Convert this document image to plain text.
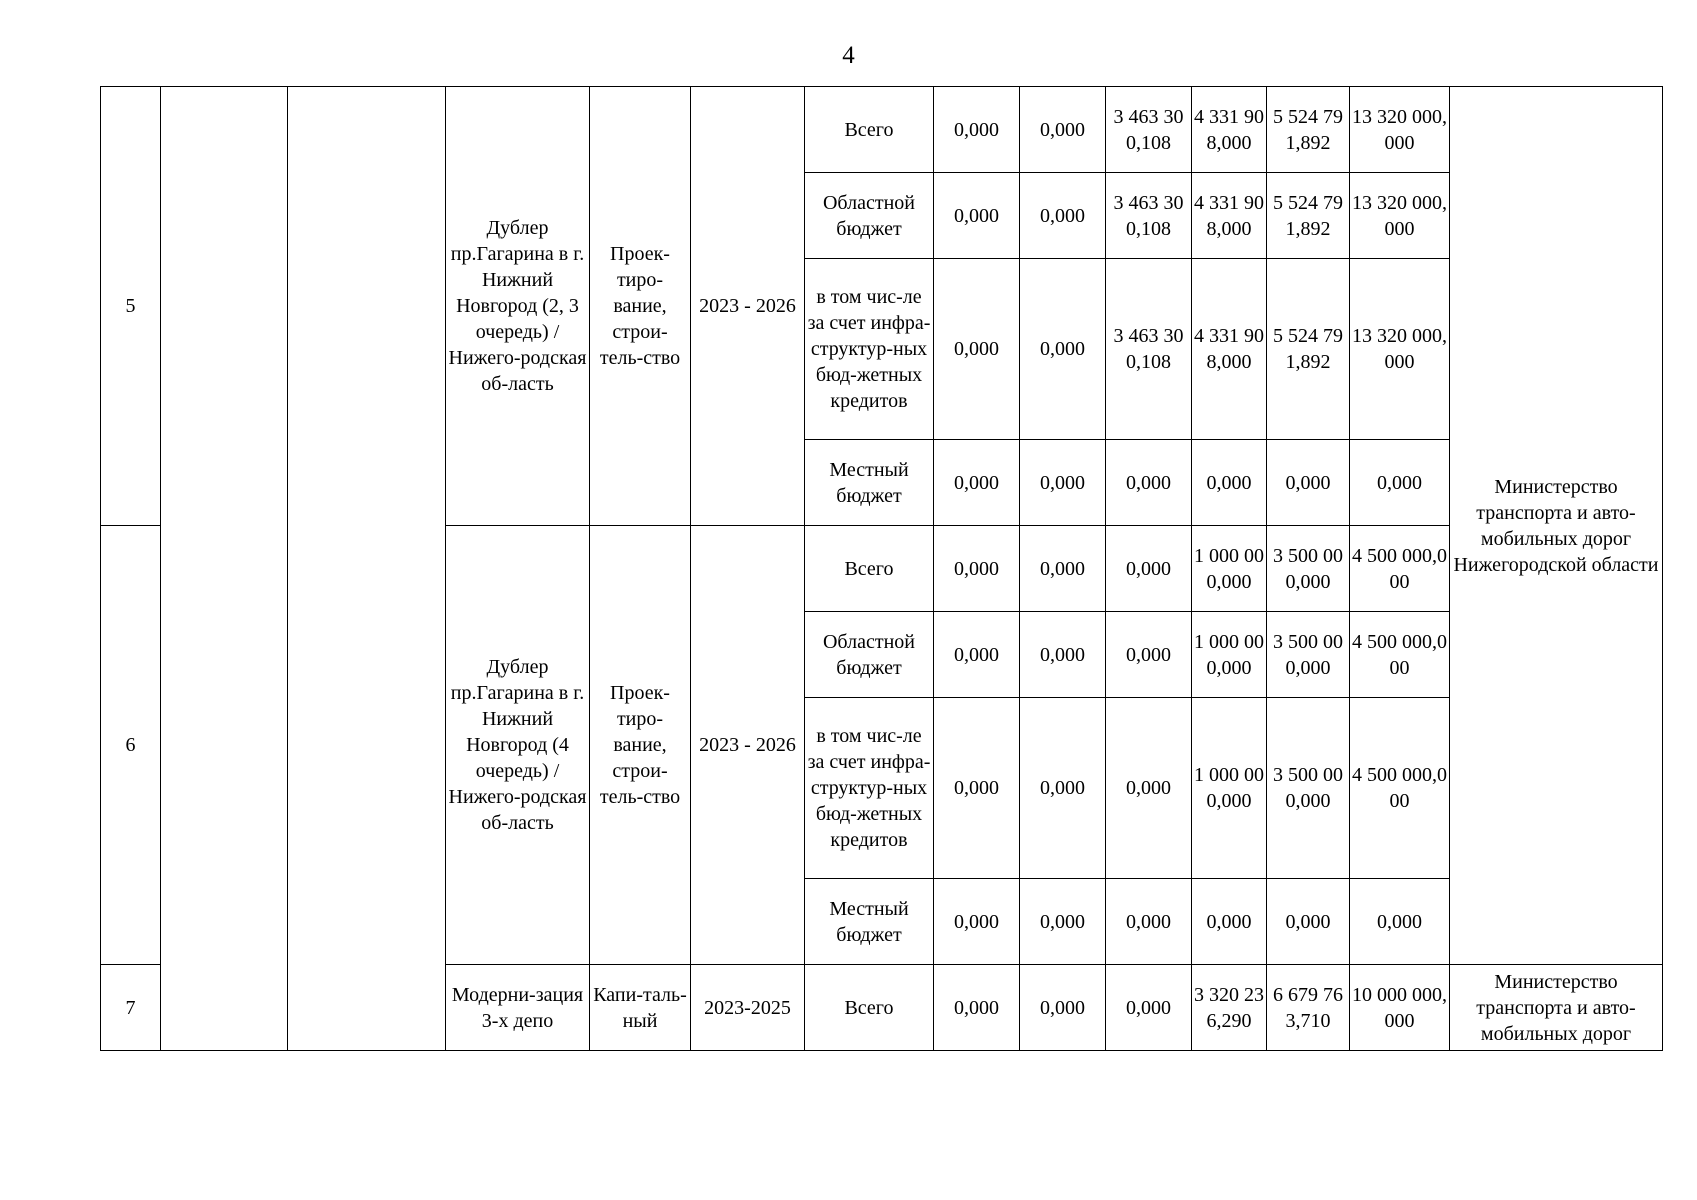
4
5			Дублер пр.Гагарина в г. Нижний Новгород (2, 3 очередь) / Нижего-родская об-ласть	Проек-тиро-вание, строи-тель-ство	2023 - 2026	Всего	0,000	0,000	3 463 300,108	4 331 908,000	5 524 791,892	13 320 000,000	Министерство транспорта и авто-мобильных дорог Нижегородской области
						Областной бюджет	0,000	0,000	3 463 300,108	4 331 908,000	5 524 791,892	13 320 000,000	
						в том чис-ле за счет инфра-структур-ных бюд-жетных кредитов	0,000	0,000	3 463 300,108	4 331 908,000	5 524 791,892	13 320 000,000	
						Местный бюджет	0,000	0,000	0,000	0,000	0,000	0,000	
6			Дублер пр.Гагарина в г. Нижний Новгород (4 очередь) / Нижего-родская об-ласть	Проек-тиро-вание, строи-тель-ство	2023 - 2026	Всего	0,000	0,000	0,000	1 000 000,000	3 500 000,000	4 500 000,000	
						Областной бюджет	0,000	0,000	0,000	1 000 000,000	3 500 000,000	4 500 000,000	
						в том чис-ле за счет инфра-структур-ных бюд-жетных кредитов	0,000	0,000	0,000	1 000 000,000	3 500 000,000	4 500 000,000	
						Местный бюджет	0,000	0,000	0,000	0,000	0,000	0,000	
7			Модерни-зация 3-х депо	Капи-таль-ный	2023-2025	Всего	0,000	0,000	0,000	3 320 236,290	6 679 763,710	10 000 000,000	Министерство транспорта и авто-мобильных дорог
